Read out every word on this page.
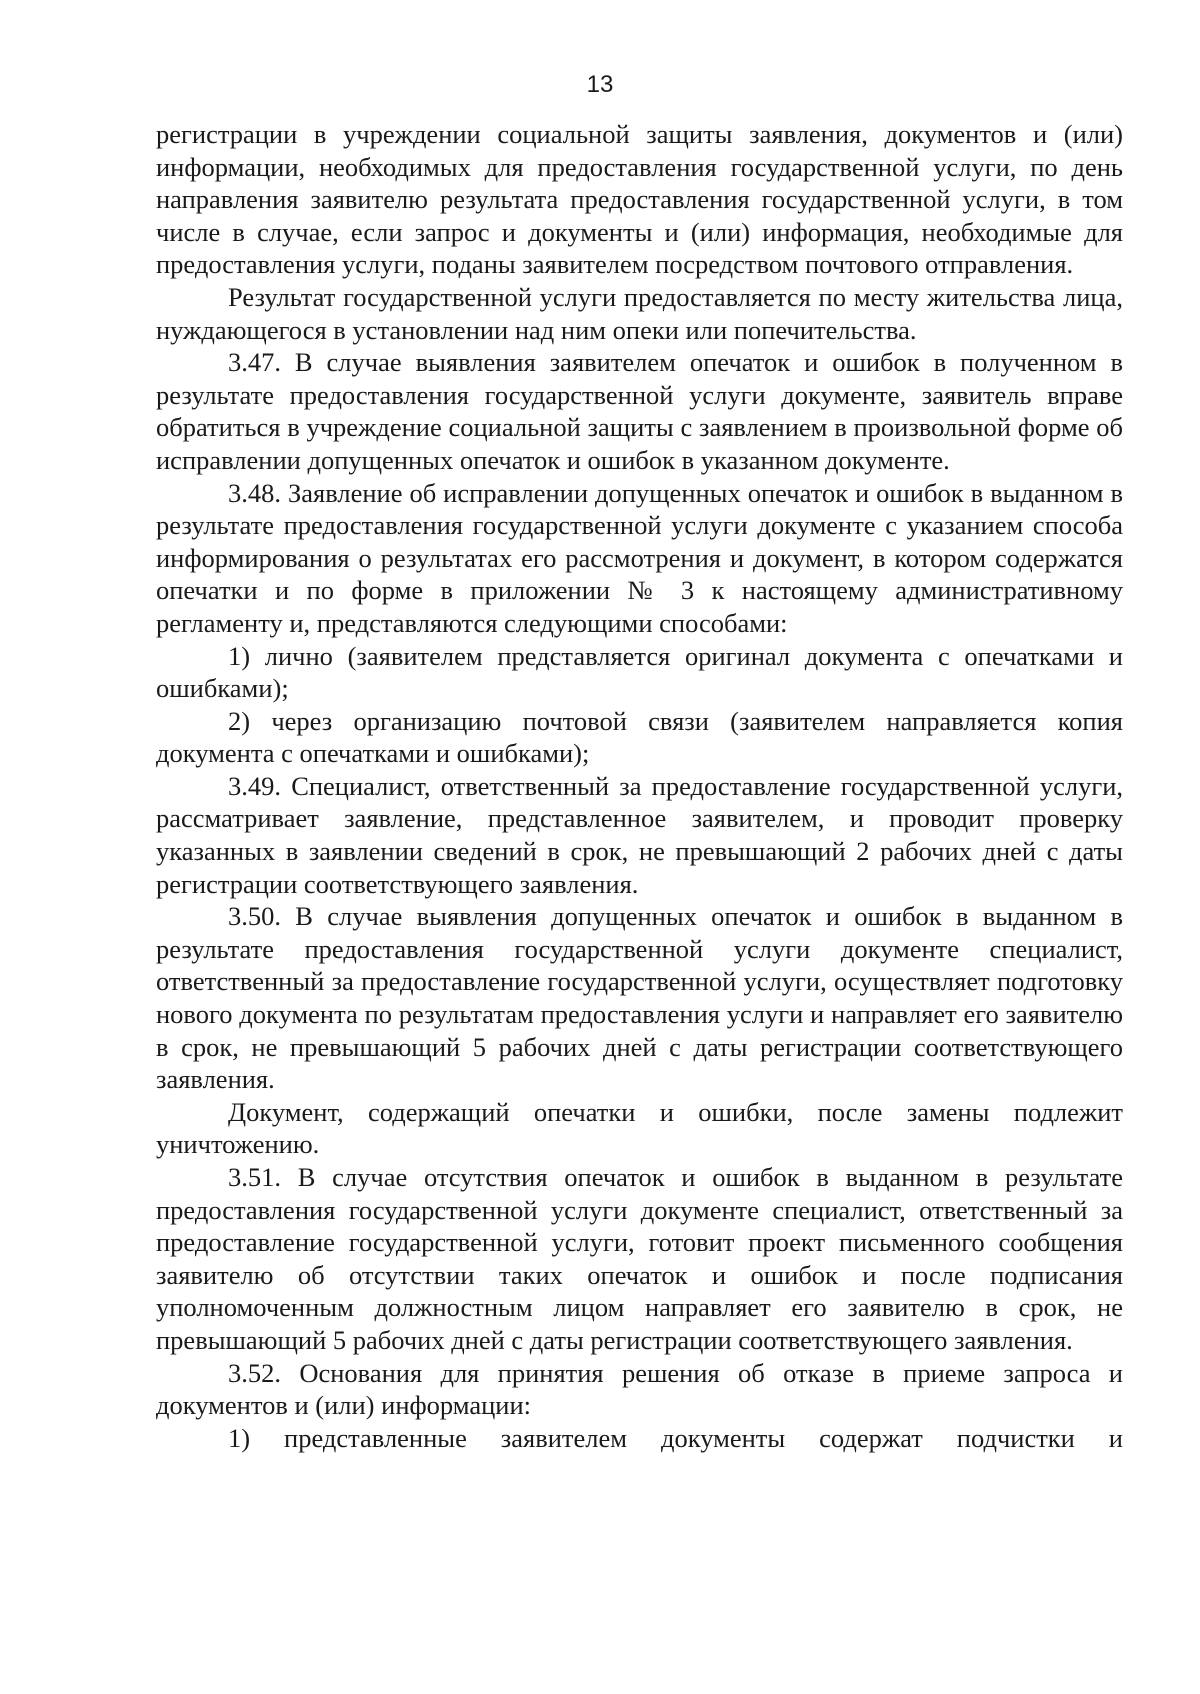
13

регистрации в учреждении социальной защиты заявления, документов и (или) информации, необходимых для предоставления государственной услуги, по день направления заявителю результата предоставления государственной услуги, в том числе в случае, если запрос и документы и (или) информация, необходимые для предоставления услуги, поданы заявителем посредством почтового отправления.

Результат государственной услуги предоставляется по месту жительства лица, нуждающегося в установлении над ним опеки или попечительства.

3.47. В случае выявления заявителем опечаток и ошибок в полученном в результате предоставления государственной услуги документе, заявитель вправе обратиться в учреждение социальной защиты с заявлением в произвольной форме об исправлении допущенных опечаток и ошибок в указанном документе.

3.48. Заявление об исправлении допущенных опечаток и ошибок в выданном в результате предоставления государственной услуги документе с указанием способа информирования о результатах его рассмотрения и документ, в котором содержатся опечатки и по форме в приложении № 3 к настоящему административному регламенту и, представляются следующими способами:

1) лично (заявителем представляется оригинал документа с опечатками и ошибками);

2) через организацию почтовой связи (заявителем направляется копия документа с опечатками и ошибками);

3.49. Специалист, ответственный за предоставление государственной услуги, рассматривает заявление, представленное заявителем, и проводит проверку указанных в заявлении сведений в срок, не превышающий 2 рабочих дней с даты регистрации соответствующего заявления.

3.50. В случае выявления допущенных опечаток и ошибок в выданном в результате предоставления государственной услуги документе специалист, ответственный за предоставление государственной услуги, осуществляет подготовку нового документа по результатам предоставления услуги и направляет его заявителю в срок, не превышающий 5 рабочих дней с даты регистрации соответствующего заявления.

Документ, содержащий опечатки и ошибки, после замены подлежит уничтожению.

3.51. В случае отсутствия опечаток и ошибок в выданном в результате предоставления государственной услуги документе специалист, ответственный за предоставление государственной услуги, готовит проект письменного сообщения заявителю об отсутствии таких опечаток и ошибок и после подписания уполномоченным должностным лицом направляет его заявителю в срок, не превышающий 5 рабочих дней с даты регистрации соответствующего заявления.

3.52. Основания для принятия решения об отказе в приеме запроса и документов и (или) информации:

1) представленные заявителем документы содержат подчистки и
